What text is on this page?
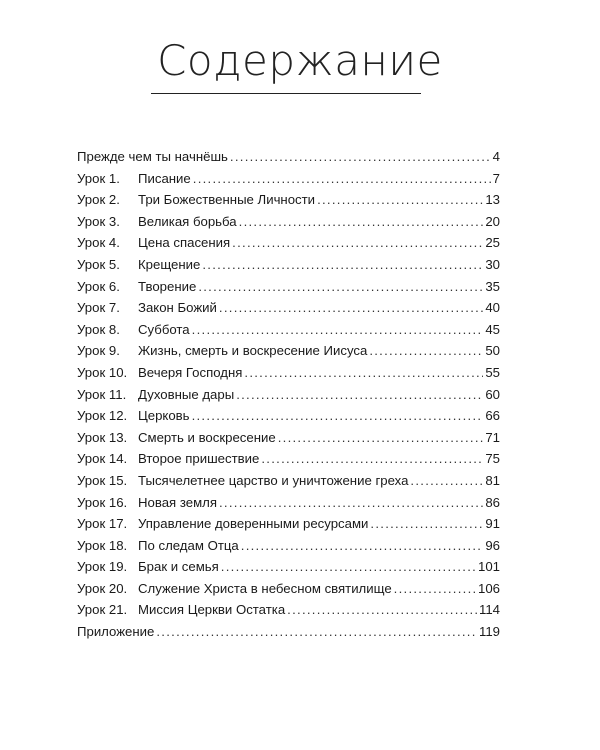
Содержание
Прежде чем ты начнёшь . . .	4
Урок 1. Писание . . .	7
Урок 2. Три Божественные Личности . . .	13
Урок 3. Великая борьба . . .	20
Урок 4. Цена спасения . . .	25
Урок 5. Крещение . . .	30
Урок 6. Творение . . .	35
Урок 7. Закон Божий . . .	40
Урок 8. Суббота . . .	45
Урок 9. Жизнь, смерть и воскресение Иисуса . . .	50
Урок 10. Вечеря Господня . . .	55
Урок 11. Духовные дары . . .	60
Урок 12. Церковь . . .	66
Урок 13. Смерть и воскресение . . .	71
Урок 14. Второе пришествие . . .	75
Урок 15. Тысячелетнее царство и уничтожение греха . . .	81
Урок 16. Новая земля . . .	86
Урок 17. Управление доверенными ресурсами . . .	91
Урок 18. По следам Отца . . .	96
Урок 19. Брак и семья . . .	101
Урок 20. Служение Христа в небесном святилище . . .	106
Урок 21. Миссия Церкви Остатка . . .	114
Приложение . . .	119
